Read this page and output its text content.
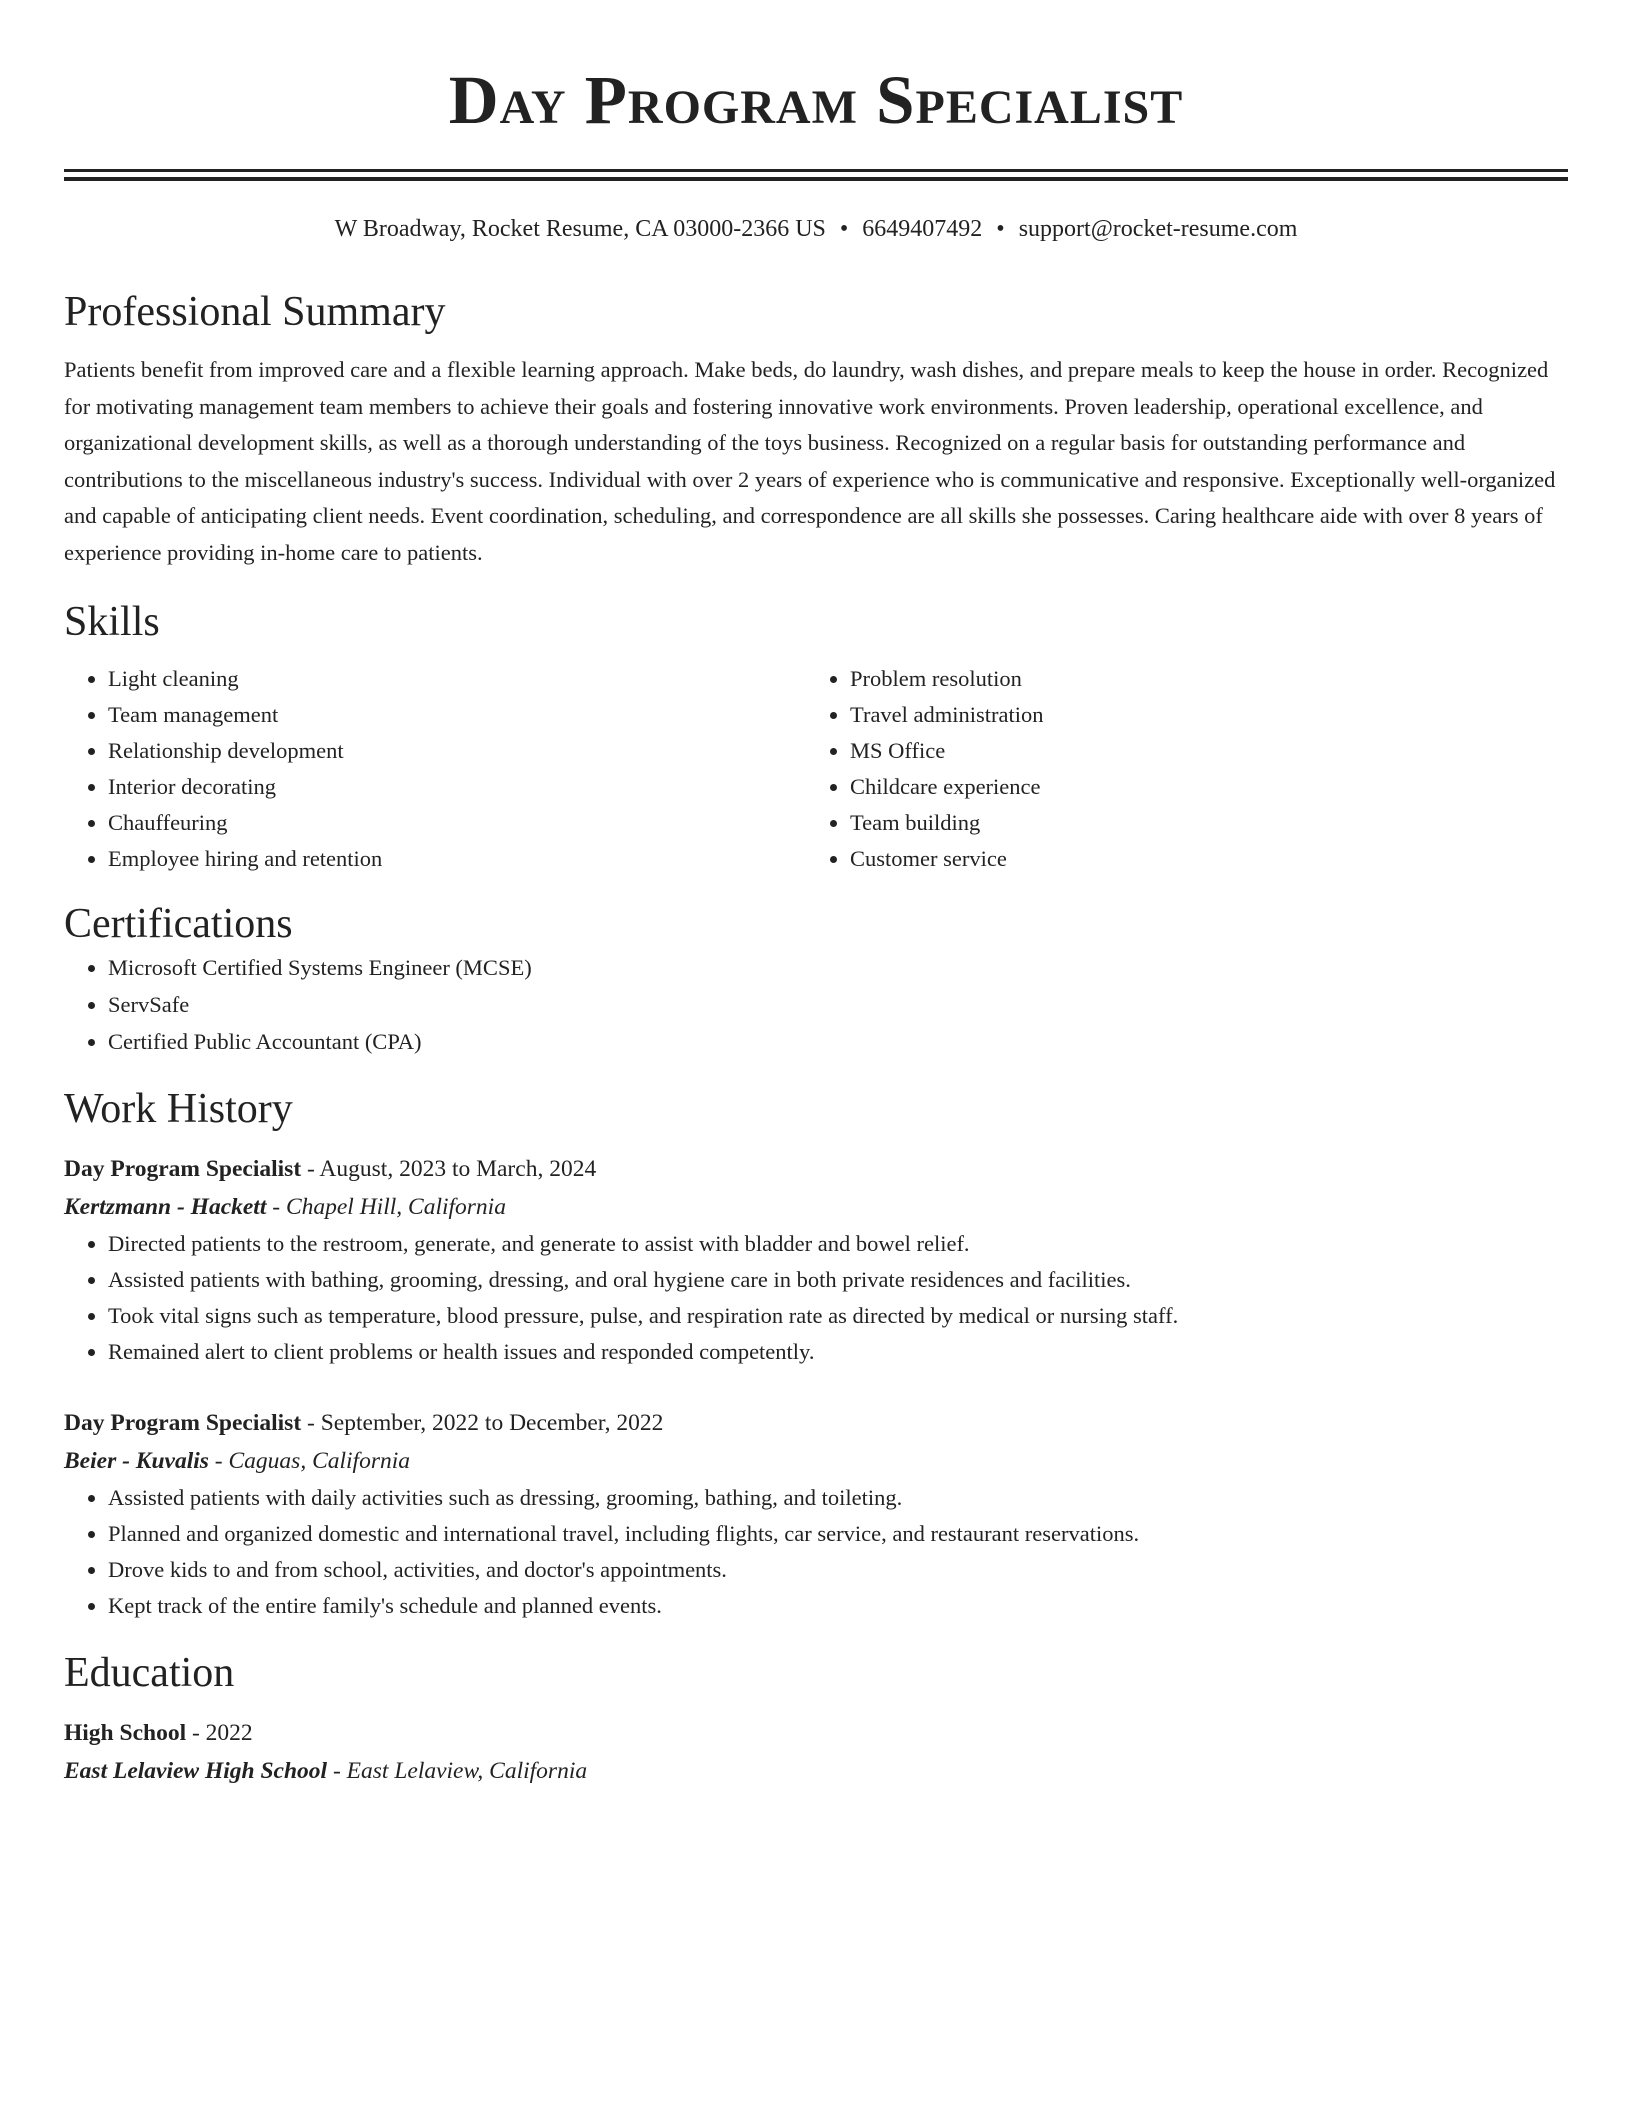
Day Program Specialist
W Broadway, Rocket Resume, CA 03000-2366 US • 6649407492 • support@rocket-resume.com
Professional Summary
Patients benefit from improved care and a flexible learning approach. Make beds, do laundry, wash dishes, and prepare meals to keep the house in order. Recognized for motivating management team members to achieve their goals and fostering innovative work environments. Proven leadership, operational excellence, and organizational development skills, as well as a thorough understanding of the toys business. Recognized on a regular basis for outstanding performance and contributions to the miscellaneous industry's success. Individual with over 2 years of experience who is communicative and responsive. Exceptionally well-organized and capable of anticipating client needs. Event coordination, scheduling, and correspondence are all skills she possesses. Caring healthcare aide with over 8 years of experience providing in-home care to patients.
Skills
• Light cleaning
• Team management
• Relationship development
• Interior decorating
• Chauffeuring
• Employee hiring and retention
• Problem resolution
• Travel administration
• MS Office
• Childcare experience
• Team building
• Customer service
Certifications
• Microsoft Certified Systems Engineer (MCSE)
• ServSafe
• Certified Public Accountant (CPA)
Work History
Day Program Specialist - August, 2023 to March, 2024
Kertzmann - Hackett - Chapel Hill, California
• Directed patients to the restroom, generate, and generate to assist with bladder and bowel relief.
• Assisted patients with bathing, grooming, dressing, and oral hygiene care in both private residences and facilities.
• Took vital signs such as temperature, blood pressure, pulse, and respiration rate as directed by medical or nursing staff.
• Remained alert to client problems or health issues and responded competently.
Day Program Specialist - September, 2022 to December, 2022
Beier - Kuvalis - Caguas, California
• Assisted patients with daily activities such as dressing, grooming, bathing, and toileting.
• Planned and organized domestic and international travel, including flights, car service, and restaurant reservations.
• Drove kids to and from school, activities, and doctor's appointments.
• Kept track of the entire family's schedule and planned events.
Education
High School - 2022
East Lelaview High School - East Lelaview, California
